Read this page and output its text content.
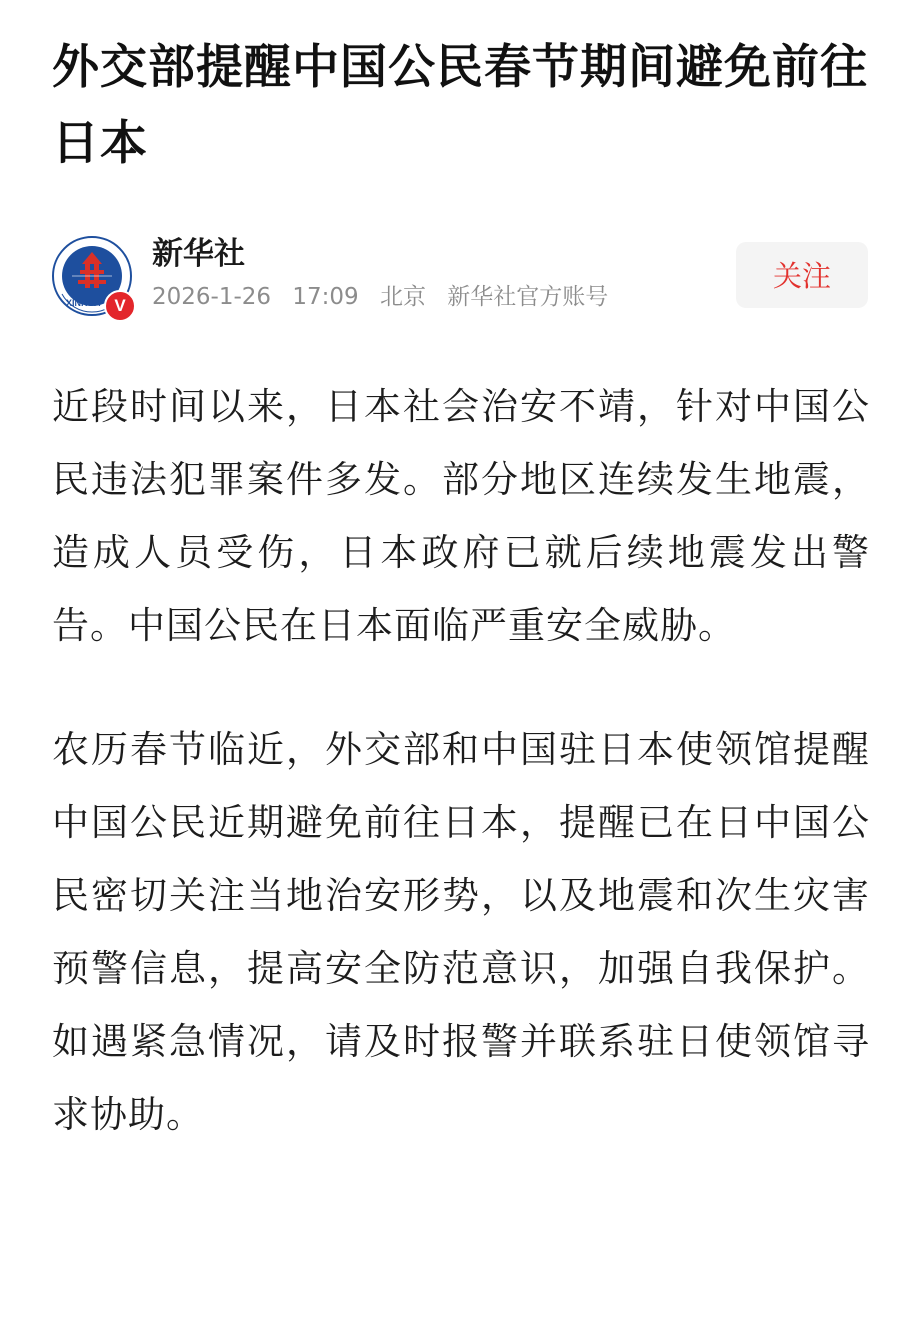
外交部提醒中国公民春节期间避免前往日本
XINHUA V
新华社
2026-1-26 17:09 北京 新华社官方账号
关注

近段时间以来，日本社会治安不靖，针对中国公民违法犯罪案件多发。部分地区连续发生地震，造成人员受伤，日本政府已就后续地震发出警告。中国公民在日本面临严重安全威胁。

农历春节临近，外交部和中国驻日本使领馆提醒中国公民近期避免前往日本，提醒已在日中国公民密切关注当地治安形势，以及地震和次生灾害预警信息，提高安全防范意识，加强自我保护。如遇紧急情况，请及时报警并联系驻日使领馆寻求协助。
